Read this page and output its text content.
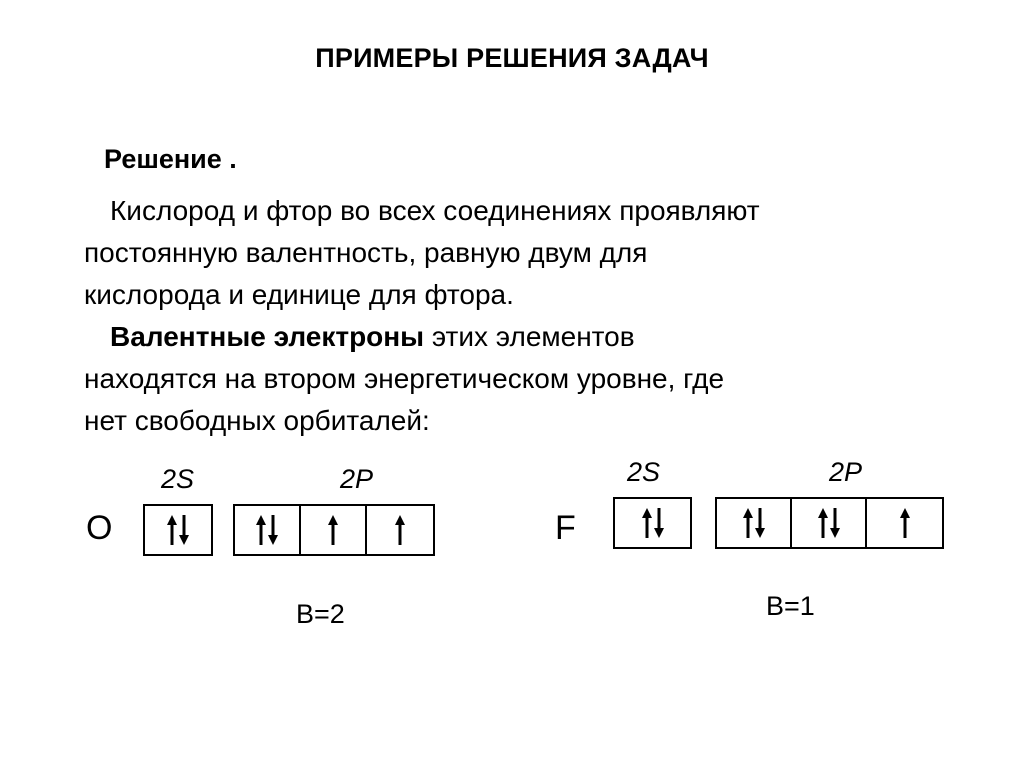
ПРИМЕРЫ РЕШЕНИЯ ЗАДАЧ
Решение .
Кислород и фтор во всех соединениях проявляют
постоянную валентность, равную двум для
кислорода и единице для фтора.
Валентные электроны этих элементов
находятся на втором энергетическом уровне, где
нет свободных орбиталей:
2S	2P
O
В=2
2S	2P
F
В=1
